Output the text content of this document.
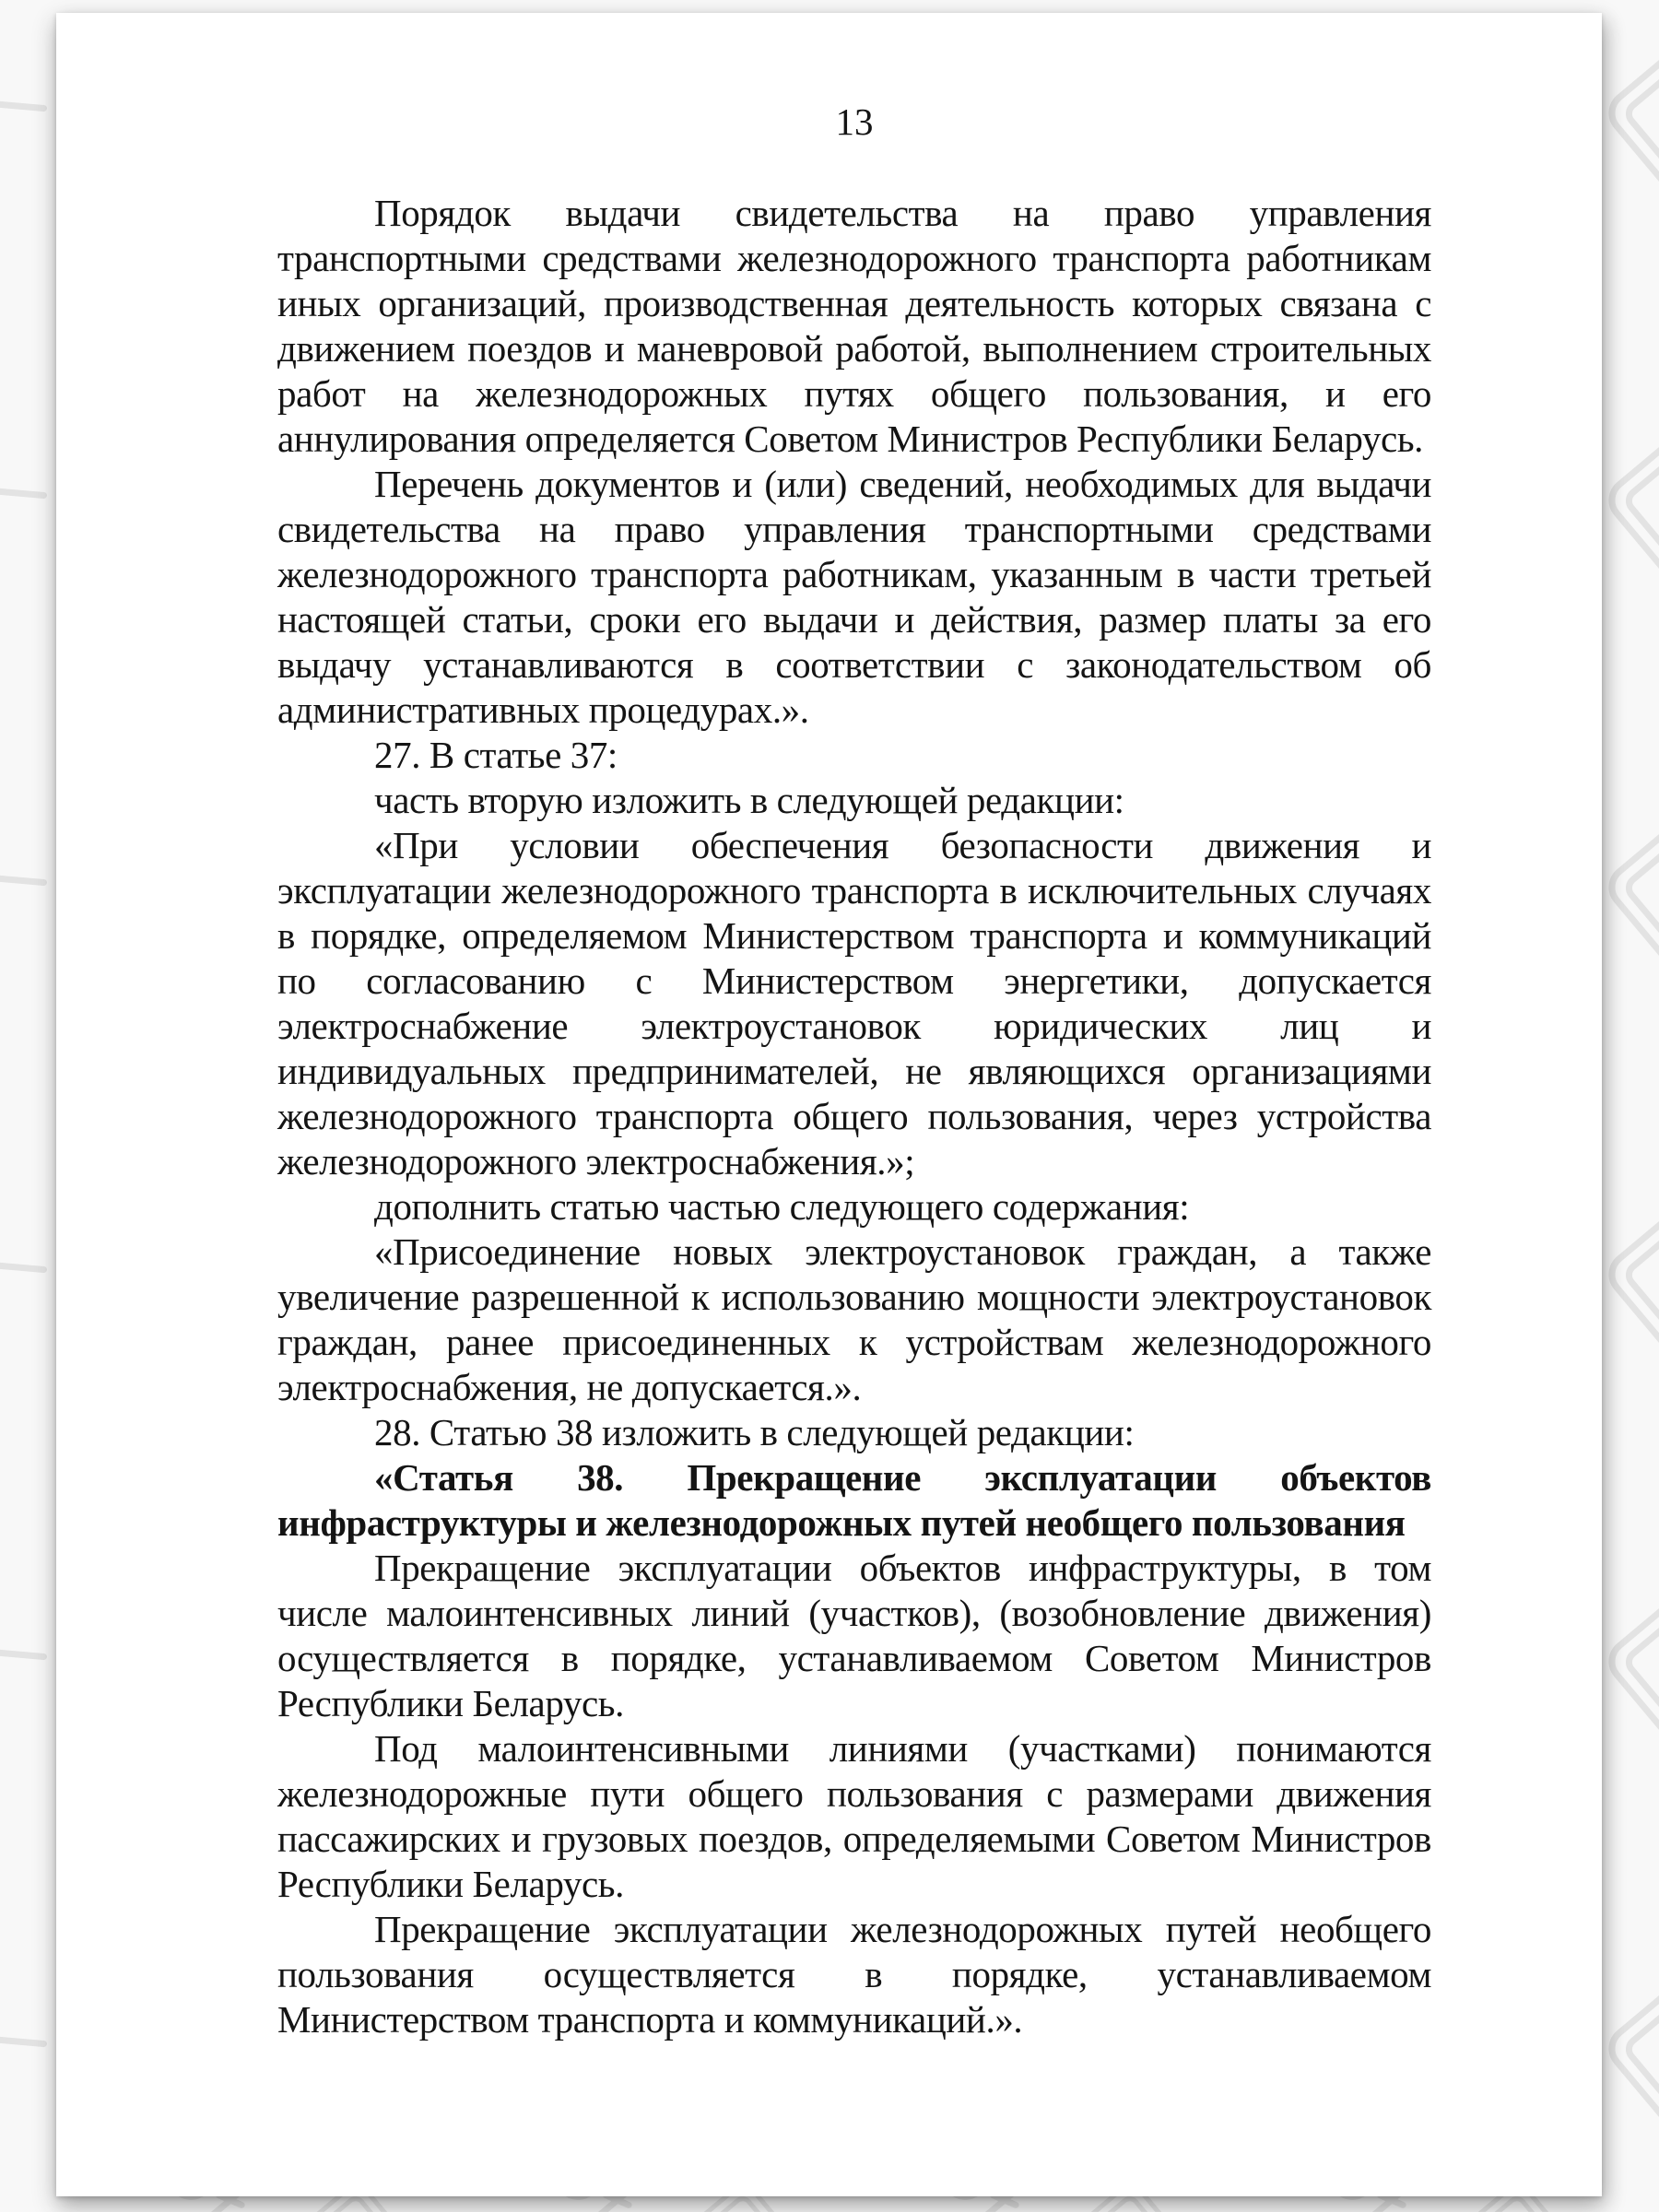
13

Порядок выдачи свидетельства на право управления транспортными средствами железнодорожного транспорта работникам иных организаций, производственная деятельность которых связана с движением поездов и маневровой работой, выполнением строительных работ на железнодорожных путях общего пользования, и его аннулирования определяется Советом Министров Республики Беларусь.

Перечень документов и (или) сведений, необходимых для выдачи свидетельства на право управления транспортными средствами железнодорожного транспорта работникам, указанным в части третьей настоящей статьи, сроки его выдачи и действия, размер платы за его выдачу устанавливаются в соответствии с законодательством об административных процедурах.».

27. В статье 37:

часть вторую изложить в следующей редакции:

«При условии обеспечения безопасности движения и эксплуатации железнодорожного транспорта в исключительных случаях в порядке, определяемом Министерством транспорта и коммуникаций по согласованию с Министерством энергетики, допускается электроснабжение электроустановок юридических лиц и индивидуальных предпринимателей, не являющихся организациями железнодорожного транспорта общего пользования, через устройства железнодорожного электроснабжения.»;

дополнить статью частью следующего содержания:

«Присоединение новых электроустановок граждан, а также увеличение разрешенной к использованию мощности электроустановок граждан, ранее присоединенных к устройствам железнодорожного электроснабжения, не допускается.».

28. Статью 38 изложить в следующей редакции:

«Статья 38. Прекращение эксплуатации объектов инфраструктуры и железнодорожных путей необщего пользования

Прекращение эксплуатации объектов инфраструктуры, в том числе малоинтенсивных линий (участков), (возобновление движения) осуществляется в порядке, устанавливаемом Советом Министров Республики Беларусь.

Под малоинтенсивными линиями (участками) понимаются железнодорожные пути общего пользования с размерами движения пассажирских и грузовых поездов, определяемыми Советом Министров Республики Беларусь.

Прекращение эксплуатации железнодорожных путей необщего пользования осуществляется в порядке, устанавливаемом Министерством транспорта и коммуникаций.».
